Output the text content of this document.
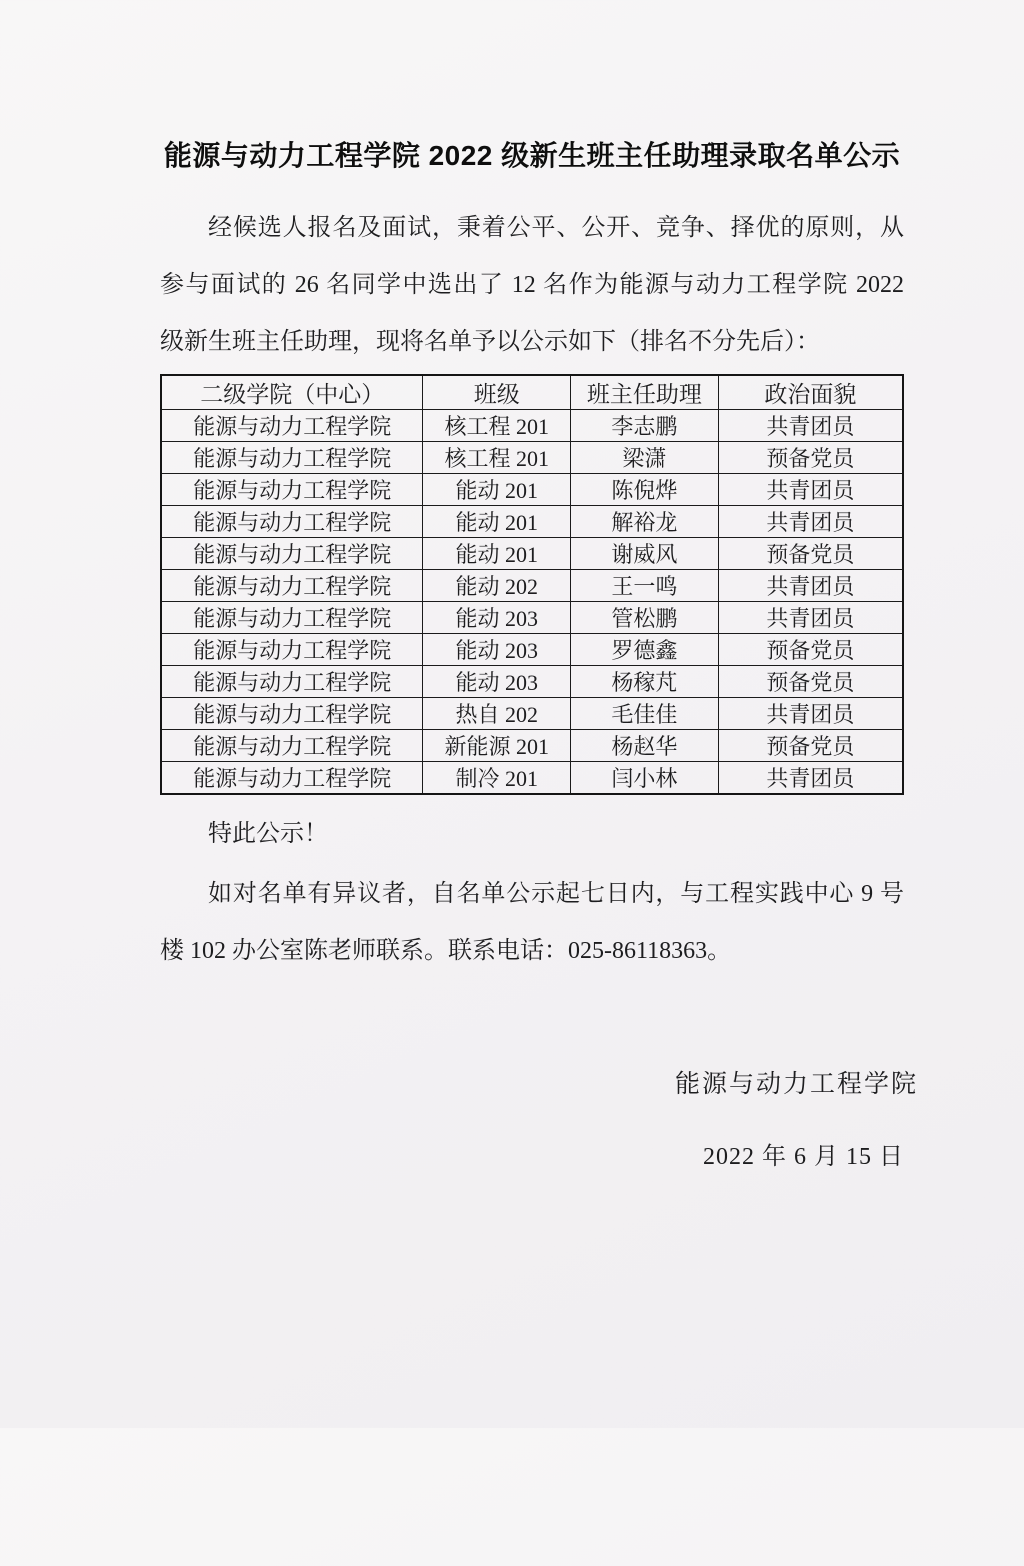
能源与动力工程学院 2022 级新生班主任助理录取名单公示
经候选人报名及面试，秉着公平、公开、竞争、择优的原则，从
参与面试的 26 名同学中选出了 12 名作为能源与动力工程学院 2022
级新生班主任助理，现将名单予以公示如下（排名不分先后）：
二级学院（中心）	班级	班主任助理	政治面貌
能源与动力工程学院	核工程 201	李志鹏	共青团员
能源与动力工程学院	核工程 201	梁潇	预备党员
能源与动力工程学院	能动 201	陈倪烨	共青团员
能源与动力工程学院	能动 201	解裕龙	共青团员
能源与动力工程学院	能动 201	谢威风	预备党员
能源与动力工程学院	能动 202	王一鸣	共青团员
能源与动力工程学院	能动 203	管松鹏	共青团员
能源与动力工程学院	能动 203	罗德鑫	预备党员
能源与动力工程学院	能动 203	杨稼芃	预备党员
能源与动力工程学院	热自 202	毛佳佳	共青团员
能源与动力工程学院	新能源 201	杨赵华	预备党员
能源与动力工程学院	制冷 201	闫小林	共青团员
特此公示！
如对名单有异议者，自名单公示起七日内，与工程实践中心 9 号
楼 102 办公室陈老师联系。联系电话：025-86118363。
能源与动力工程学院
2022 年 6 月 15 日
